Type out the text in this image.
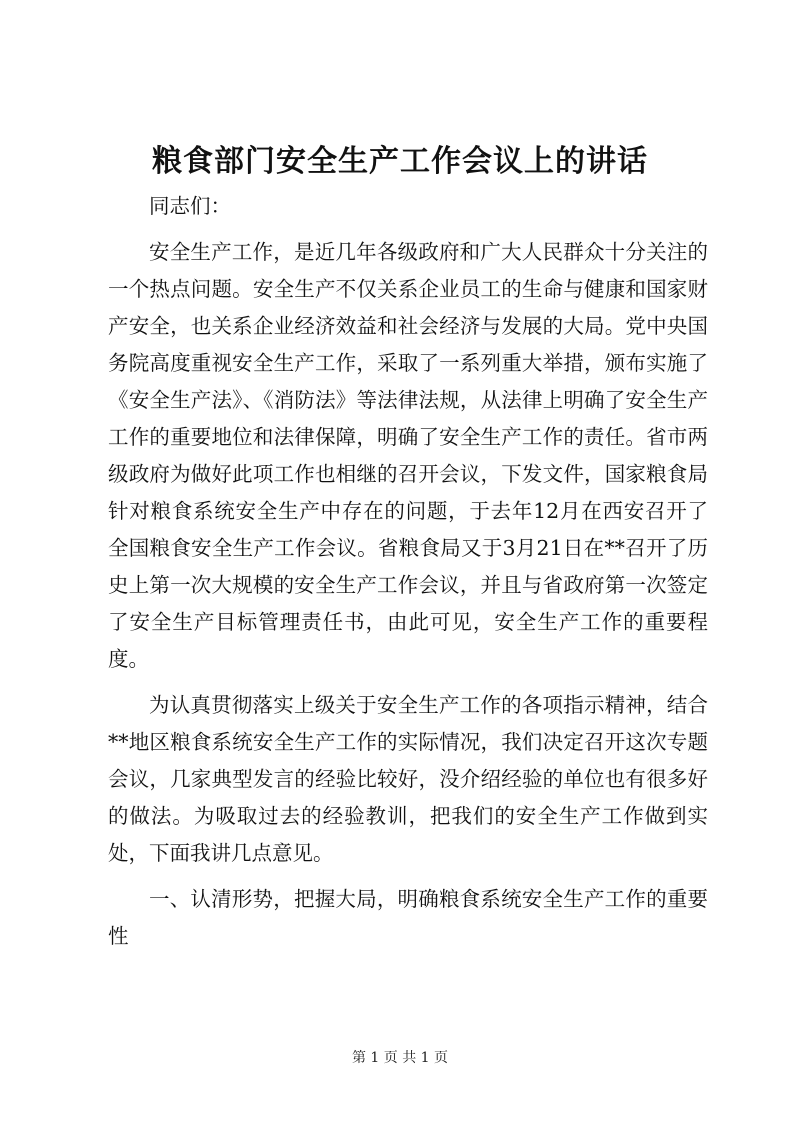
粮食部门安全生产工作会议上的讲话

同志们：

安全生产工作，是近几年各级政府和广大人民群众十分关注的一个热点问题。安全生产不仅关系企业员工的生命与健康和国家财产安全，也关系企业经济效益和社会经济与发展的大局。党中央国务院高度重视安全生产工作，采取了一系列重大举措，颁布实施了《安全生产法》、《消防法》等法律法规，从法律上明确了安全生产工作的重要地位和法律保障，明确了安全生产工作的责任。省市两级政府为做好此项工作也相继的召开会议，下发文件，国家粮食局针对粮食系统安全生产中存在的问题，于去年12月在西安召开了全国粮食安全生产工作会议。省粮食局又于3月21日在**召开了历史上第一次大规模的安全生产工作会议，并且与省政府第一次签定了安全生产目标管理责任书，由此可见，安全生产工作的重要程度。

为认真贯彻落实上级关于安全生产工作的各项指示精神，结合**地区粮食系统安全生产工作的实际情况，我们决定召开这次专题会议，几家典型发言的经验比较好，没介绍经验的单位也有很多好的做法。为吸取过去的经验教训，把我们的安全生产工作做到实处，下面我讲几点意见。

一、认清形势，把握大局，明确粮食系统安全生产工作的重要性

第 1 页 共 1 页
